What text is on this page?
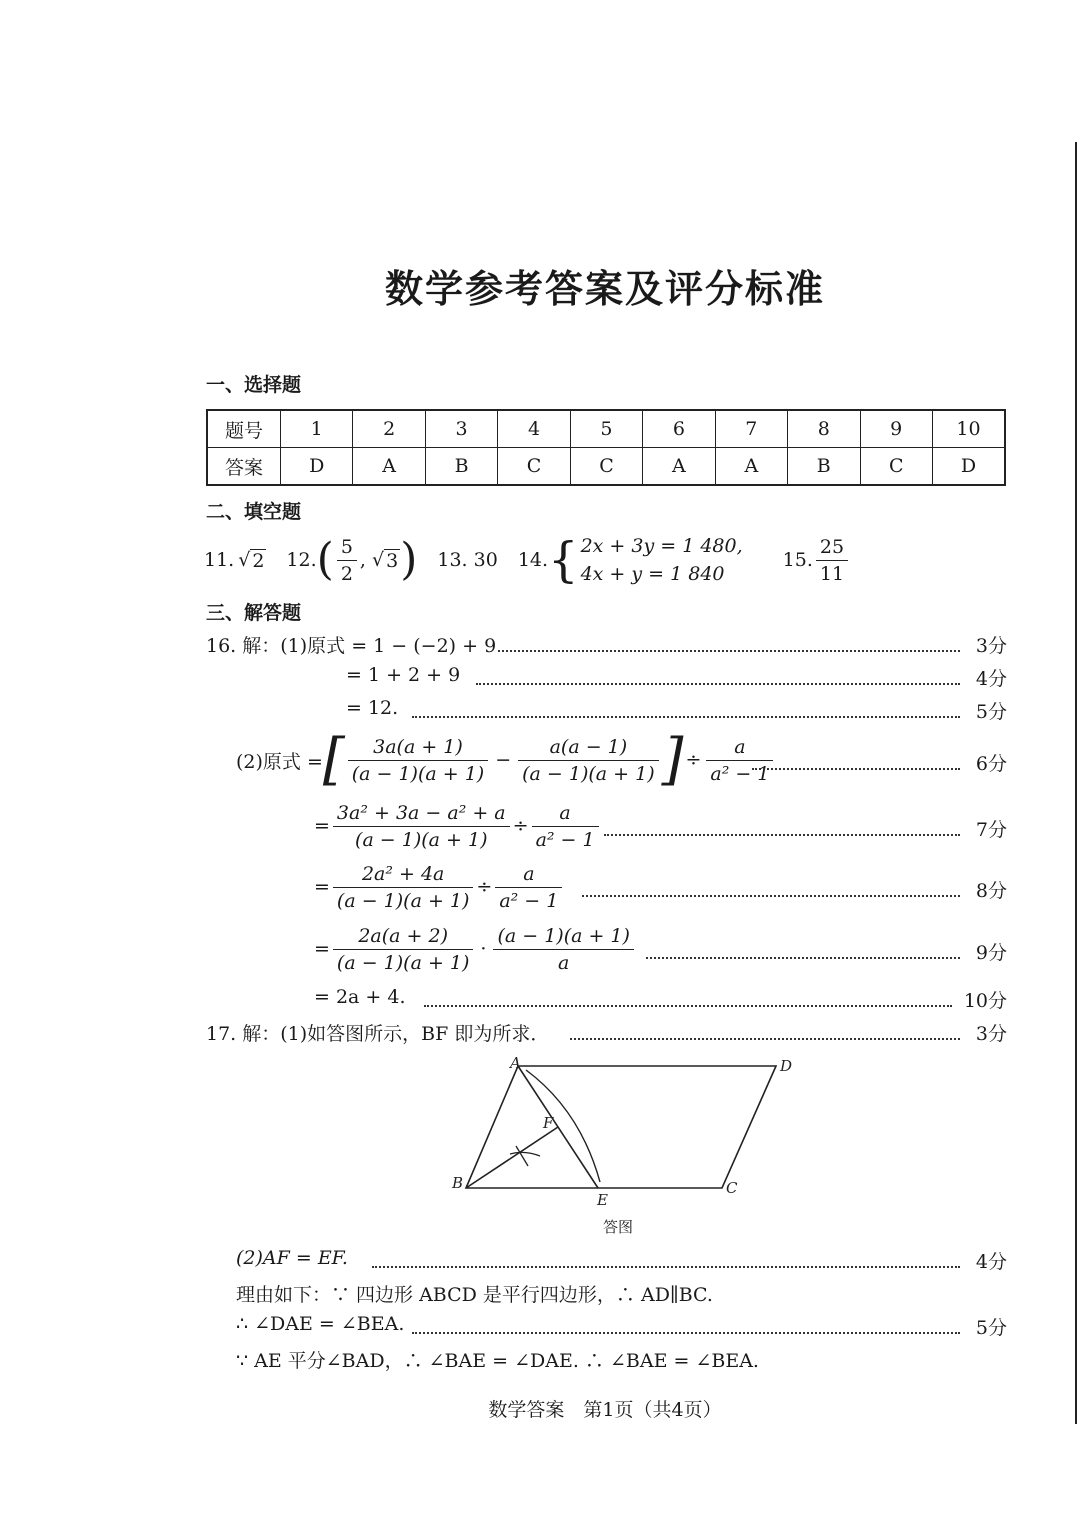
数学参考答案及评分标准
一、选择题
题号	1	2	3	4	5	6	7	8	9	10
答案	D	A	B	C	C	A	A	B	C	D
二、填空题
11. √ 2 12. ( $\frac{5}{2}$ , √ 3 ) 13. 30 14. { 2x + 3y = 1 480,
4x + y = 1 840
15. $\frac{25}{11}$
三、解答题
16. 解：(1)原式 = 1 − (−2) + 9	3分
= 1 + 2 + 9	4分
= 12.	5分
(2)原式 = [ $\frac{3a(a + 1)}{(a - 1)(a + 1)} - \frac{a(a - 1)}{(a - 1)(a + 1)}$ ] ÷ $\frac{a}{\text{a² − 1}}$	6分
= $\frac{\text{3a² + 3a − a² + a}}{(a - 1)(a + 1)} \div \frac{a}{\text{a² − 1}}$	7分
= $\frac{\text{2a² + 4a}}{(a - 1)(a + 1)} \div \frac{a}{\text{a² − 1}}$	8分
= $\frac{2a(a + 2)}{(a - 1)(a + 1)} \cdot \frac{(a - 1)(a + 1)}{a}$	9分
= 2a + 4.	10分
17. 解：(1)如答图所示，BF 即为所求．	3分
A	D
F
B
E
C
答图
(2)AF = EF.	4分
理由如下：∵ 四边形 ABCD 是平行四边形，∴ AD∥BC.
∴ ∠DAE = ∠BEA.	5分
∵ AE 平分∠BAD，∴ ∠BAE = ∠DAE. ∴ ∠BAE = ∠BEA.
数学答案　第1页（共4页）
